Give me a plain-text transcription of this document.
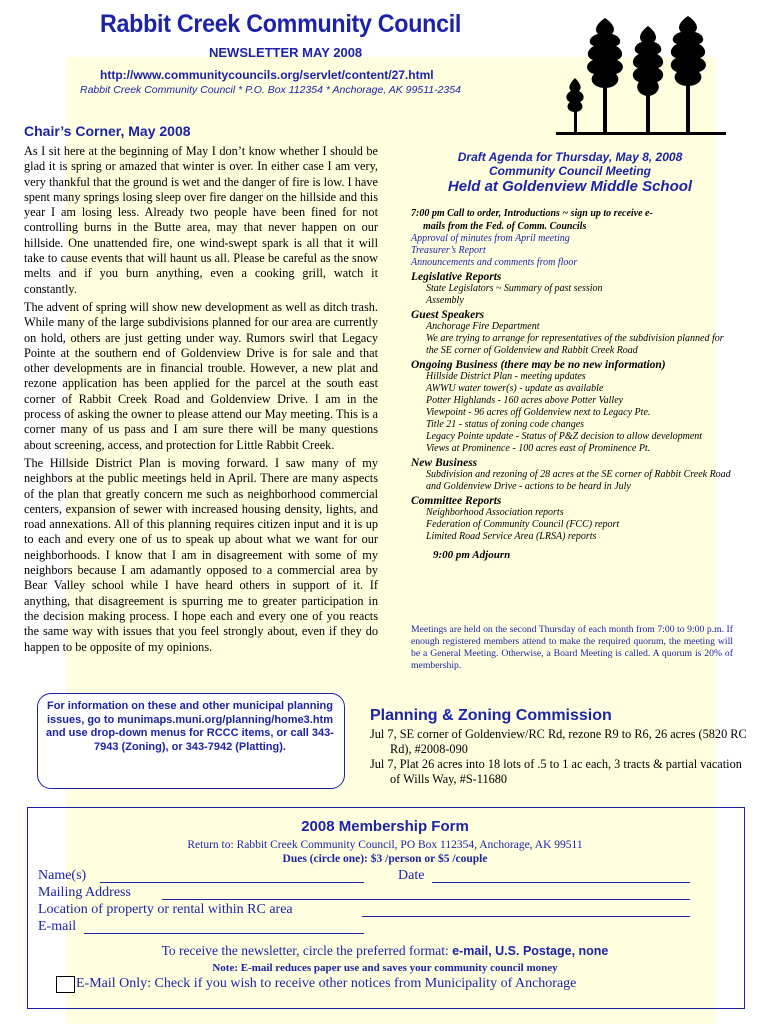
Rabbit Creek Community Council
NEWSLETTER MAY 2008
http://www.communitycouncils.org/servlet/content/27.html
Rabbit Creek Community Council * P.O. Box 112354 * Anchorage, AK 99511-2354
Chair’s Corner, May 2008

As I sit here at the beginning of May I don’t know whether I should be glad it is spring or amazed that winter is over. In either case I am very, very thankful that the ground is wet and the danger of fire is low. I have spent many springs losing sleep over fire danger on the hillside and this year I am losing less. Already two people have been fined for not controlling burns in the Butte area, may that never happen on our hillside. One unattended fire, one wind-swept spark is all that it will take to cause events that will haunt us all. Please be careful as the snow melts and if you burn anything, even a cooking grill, watch it constantly.

The advent of spring will show new development as well as ditch trash. While many of the large subdivisions planned for our area are currently on hold, others are just getting under way. Rumors swirl that Legacy Pointe at the southern end of Goldenview Drive is for sale and that other developments are in financial trouble. However, a new plat and rezone application has been applied for the parcel at the south east corner of Rabbit Creek Road and Goldenview Drive. I am in the process of asking the owner to please attend our May meeting. This is a corner many of us pass and I am sure there will be many questions about screening, access, and protection for Little Rabbit Creek.

The Hillside District Plan is moving forward. I saw many of my neighbors at the public meetings held in April. There are many aspects of the plan that greatly concern me such as neighborhood commercial centers, expansion of sewer with increased housing density, lights, and road annexations. All of this planning requires citizen input and it is up to each and every one of us to speak up about what we want for our neighborhoods. I know that I am in disagreement with some of my neighbors because I am adamantly opposed to a commercial area by Bear Valley school while I have heard others in support of it. If anything, that disagreement is spurring me to greater participation in the decision making process. I hope each and every one of you reacts the same way with issues that you feel strongly about, even if they do happen to be opposite of my opinions.

Draft Agenda for Thursday, May 8, 2008
Community Council Meeting
Held at Goldenview Middle School
7:00 pm Call to order, Introductions ~ sign up to receive e-
mails from the Fed. of Comm. Councils
Approval of minutes from April meeting
Treasurer’s Report
Announcements and comments from floor
Legislative Reports
State Legislators ~ Summary of past session
Assembly
Guest Speakers
Anchorage Fire Department
We are trying to arrange for representatives of the subdivision planned for the SE corner of Goldenview and Rabbit Creek Road
Ongoing Business (there may be no new information)
Hillside District Plan - meeting updates
AWWU water tower(s) - update as available
Potter Highlands - 160 acres above Potter Valley
Viewpoint - 96 acres off Goldenview next to Legacy Pte.
Title 21 - status of zoning code changes
Legacy Pointe update - Status of P&Z decision to allow development
Views at Prominence - 100 acres east of Prominence Pt.
New Business
Subdivision and rezoning of 28 acres at the SE corner of Rabbit Creek Road and Goldenview Drive - actions to be heard in July
Committee Reports
Neighborhood Association reports
Federation of Community Council (FCC) report
Limited Road Service Area (LRSA) reports
9:00 pm Adjourn
Meetings are held on the second Thursday of each month from 7:00 to 9:00 p.m. If enough registered members attend to make the required quorum, the meeting will be a General Meeting. Otherwise, a Board Meeting is called. A quorum is 20% of membership.
For information on these and other municipal planning issues, go to munimaps.muni.org/planning/home3.htm and use drop-down menus for RCCC items, or call 343-7943 (Zoning), or 343-7942 (Platting).
Planning & Zoning Commission
Jul 7, SE corner of Goldenview/RC Rd, rezone R9 to R6, 26 acres (5820 RC Rd), #2008-090
Jul 7, Plat 26 acres into 18 lots of .5 to 1 ac each, 3 tracts & partial vacation of Wills Way, #S-11680
2008 Membership Form
Return to: Rabbit Creek Community Council, PO Box 112354, Anchorage, AK 99511
Dues (circle one): $3 /person or $5 /couple
Name(s)	Date
Mailing Address
Location of property or rental within RC area
E-mail
To receive the newsletter, circle the preferred format: e-mail, U.S. Postage, none
Note: E-mail reduces paper use and saves your community council money
E-Mail Only: Check if you wish to receive other notices from Municipality of Anchorage
